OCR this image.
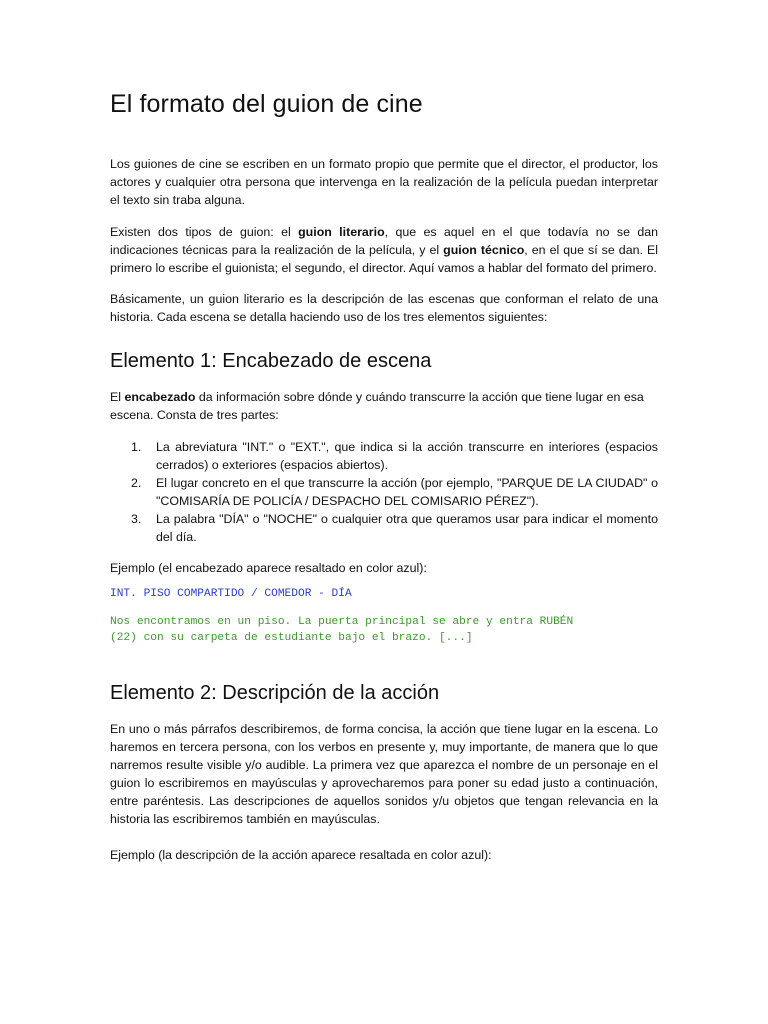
El formato del guion de cine

Los guiones de cine se escriben en un formato propio que permite que el director, el productor, los actores y cualquier otra persona que intervenga en la realización de la película puedan interpretar el texto sin traba alguna.

Existen dos tipos de guion: el guion literario, que es aquel en el que todavía no se dan indicaciones técnicas para la realización de la película, y el guion técnico, en el que sí se dan. El primero lo escribe el guionista; el segundo, el director. Aquí vamos a hablar del formato del primero.

Básicamente, un guion literario es la descripción de las escenas que conforman el relato de una historia. Cada escena se detalla haciendo uso de los tres elementos siguientes:

Elemento 1: Encabezado de escena

El encabezado da información sobre dónde y cuándo transcurre la acción que tiene lugar en esa escena. Consta de tres partes:

1.	La abreviatura "INT." o "EXT.", que indica si la acción transcurre en interiores (espacios cerrados) o exteriores (espacios abiertos).
2.	El lugar concreto en el que transcurre la acción (por ejemplo, "PARQUE DE LA CIUDAD" o "COMISARÍA DE POLICÍA / DESPACHO DEL COMISARIO PÉREZ").
3.	La palabra "DÍA" o "NOCHE" o cualquier otra que queramos usar para indicar el momento del día.

Ejemplo (el encabezado aparece resaltado en color azul):

INT. PISO COMPARTIDO / COMEDOR - DÍA
Nos encontramos en un piso. La puerta principal se abre y entra RUBÉN
(22) con su carpeta de estudiante bajo el brazo. [...]
Elemento 2: Descripción de la acción

En uno o más párrafos describiremos, de forma concisa, la acción que tiene lugar en la escena. Lo haremos en tercera persona, con los verbos en presente y, muy importante, de manera que lo que narremos resulte visible y/o audible. La primera vez que aparezca el nombre de un personaje en el guion lo escribiremos en mayúsculas y aprovecharemos para poner su edad justo a continuación, entre paréntesis. Las descripciones de aquellos sonidos y/u objetos que tengan relevancia en la historia las escribiremos también en mayúsculas.

Ejemplo (la descripción de la acción aparece resaltada en color azul):
